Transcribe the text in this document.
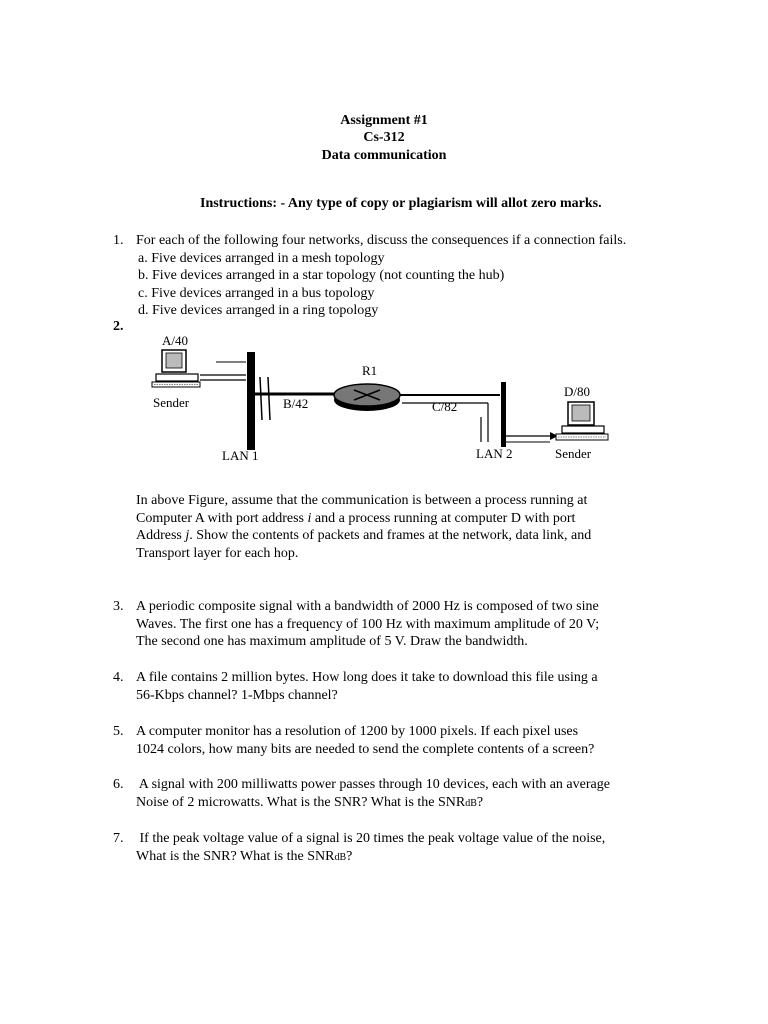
Assignment #1
Cs-312
Data communication
Instructions: - Any type of copy or plagiarism will allot zero marks.
1. For each of the following four networks, discuss the consequences if a connection fails.
a. Five devices arranged in a mesh topology
b. Five devices arranged in a star topology (not counting the hub)
c. Five devices arranged in a bus topology
d. Five devices arranged in a ring topology
2.
A/40
Sender
LAN 1
B/42
R1
C/82
LAN 2
D/80
Sender
In above Figure, assume that the communication is between a process running at
Computer A with port address i and a process running at computer D with port
Address j. Show the contents of packets and frames at the network, data link, and
Transport layer for each hop.
3. A periodic composite signal with a bandwidth of 2000 Hz is composed of two sine
Waves. The first one has a frequency of 100 Hz with maximum amplitude of 20 V;
The second one has maximum amplitude of 5 V. Draw the bandwidth.
4. A file contains 2 million bytes. How long does it take to download this file using a
56-Kbps channel? 1-Mbps channel?
5. A computer monitor has a resolution of 1200 by 1000 pixels. If each pixel uses
1024 colors, how many bits are needed to send the complete contents of a screen?
6. A signal with 200 milliwatts power passes through 10 devices, each with an average
Noise of 2 microwatts. What is the SNR? What is the SNRdB?
7. If the peak voltage value of a signal is 20 times the peak voltage value of the noise,
What is the SNR? What is the SNRdB?
